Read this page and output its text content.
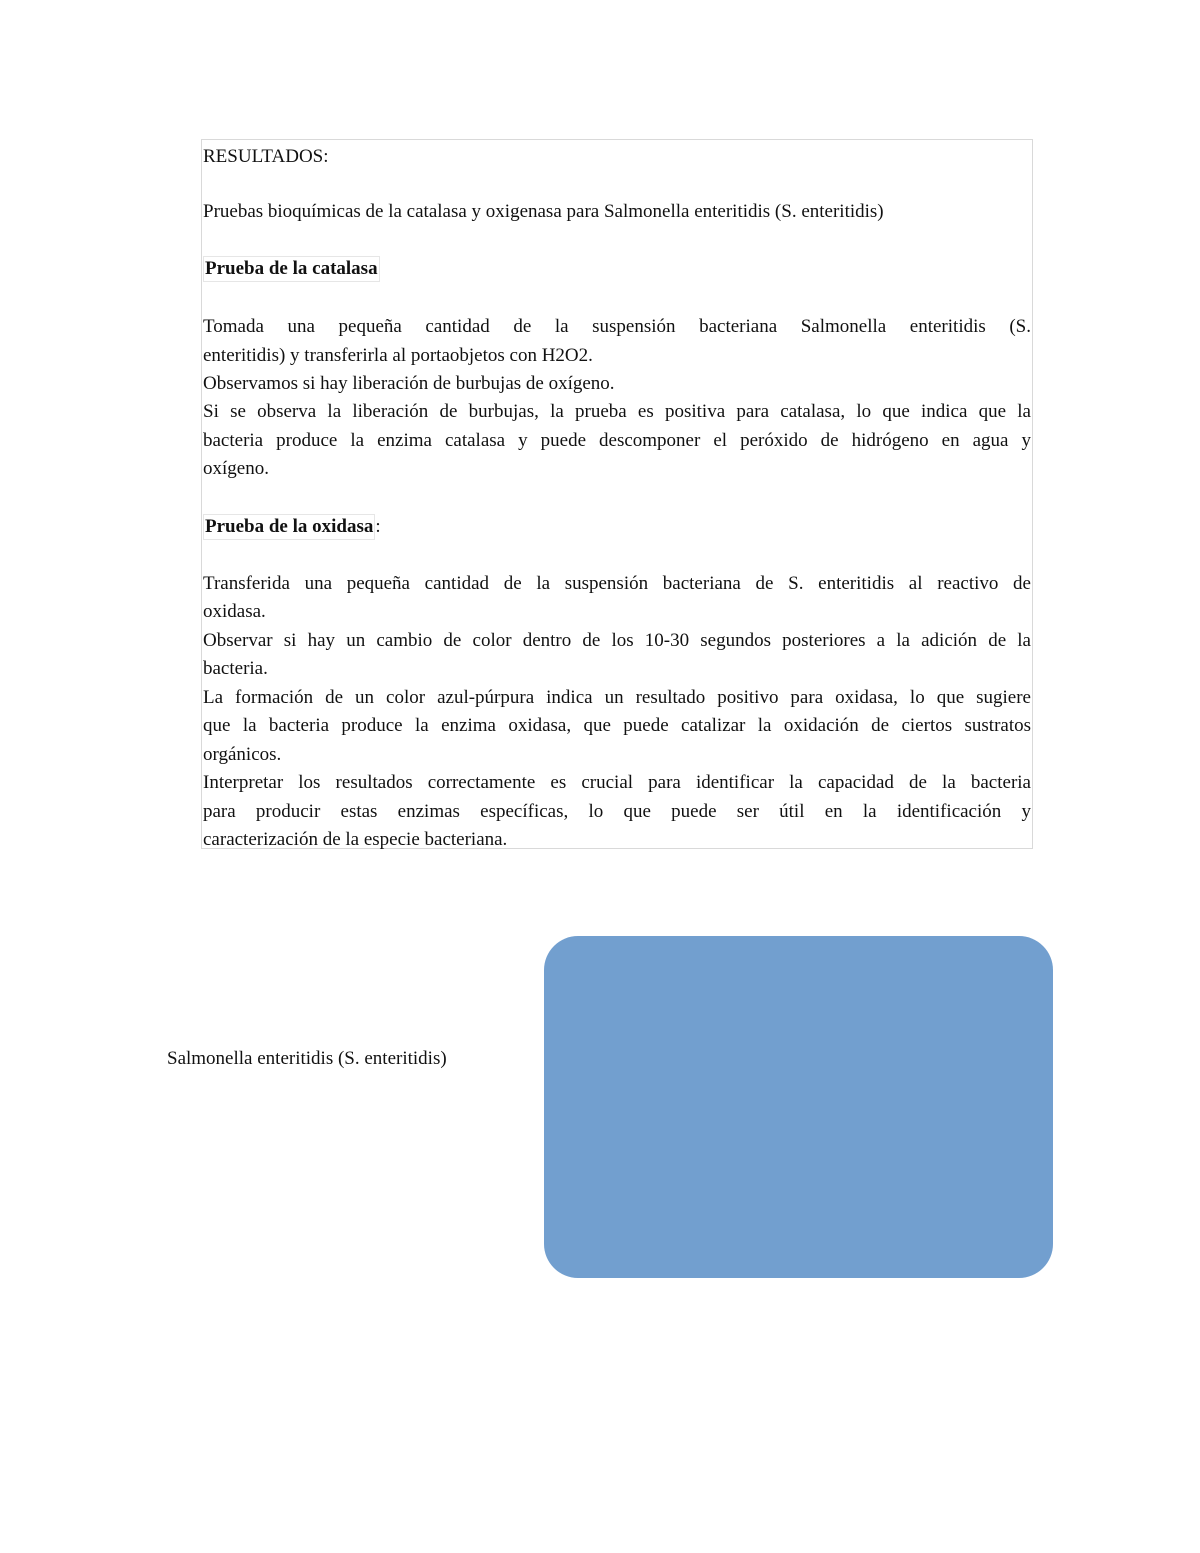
RESULTADOS:
Pruebas bioquímicas de la catalasa y oxigenasa para Salmonella enteritidis (S. enteritidis)
Prueba de la catalasa
Tomada una pequeña cantidad de la suspensión bacteriana Salmonella enteritidis (S.
enteritidis) y transferirla al portaobjetos con H2O2.
Observamos si hay liberación de burbujas de oxígeno.
Si se observa la liberación de burbujas, la prueba es positiva para catalasa, lo que indica que la
bacteria produce la enzima catalasa y puede descomponer el peróxido de hidrógeno en agua y
oxígeno.
Prueba de la oxidasa :
Transferida una pequeña cantidad de la suspensión bacteriana de S. enteritidis al reactivo de
oxidasa.
Observar si hay un cambio de color dentro de los 10-30 segundos posteriores a la adición de la
bacteria.
La formación de un color azul-púrpura indica un resultado positivo para oxidasa, lo que sugiere
que la bacteria produce la enzima oxidasa, que puede catalizar la oxidación de ciertos sustratos
orgánicos.
Interpretar los resultados correctamente es crucial para identificar la capacidad de la bacteria
para producir estas enzimas específicas, lo que puede ser útil en la identificación y
caracterización de la especie bacteriana.
Salmonella enteritidis (S. enteritidis)
